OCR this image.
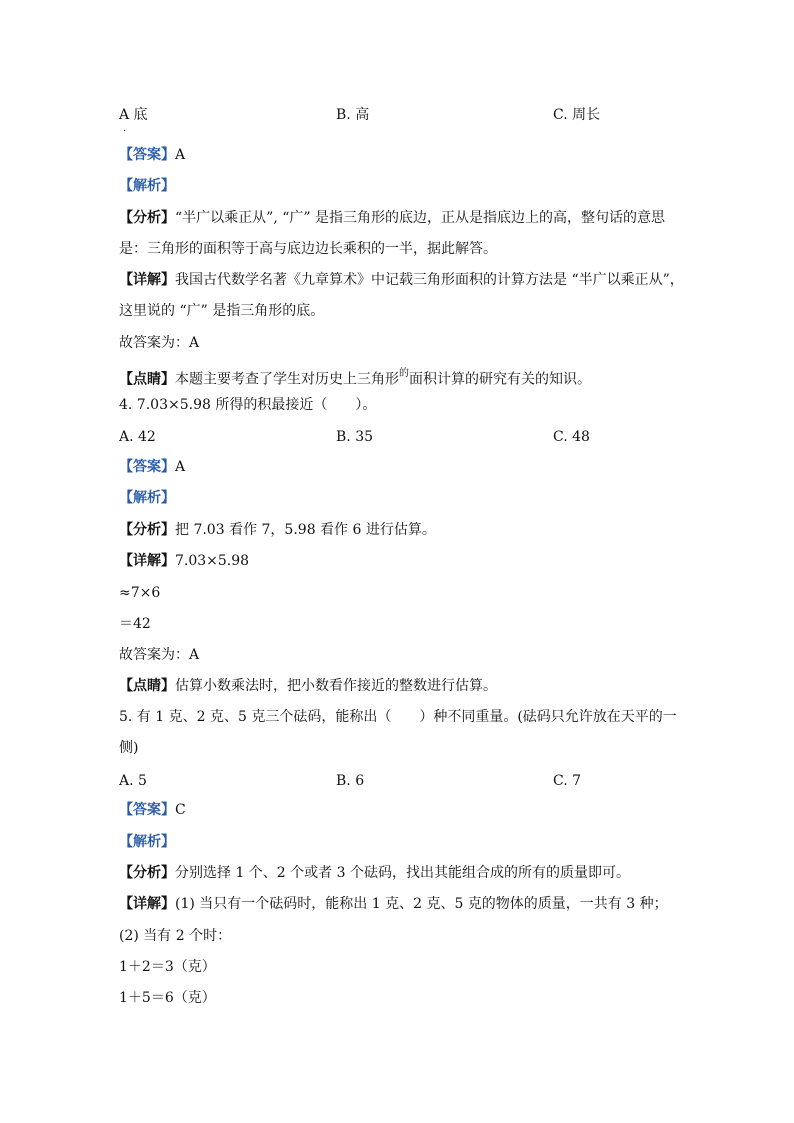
A 底
·
B. 高	C. 周长
【答案】A
【解析】
【分析】“半广以乘正从”, “广” 是指三角形的底边，正从是指底边上的高，整句话的意思
是：三角形的面积等于高与底边边长乘积的一半，据此解答。
【详解】我国古代数学名著《九章算术》中记载三角形面积的计算方法是 “半广以乘正从”，
这里说的 “广” 是指三角形的底。
故答案为：A
【点睛】本题主要考查了学生对历史上三角形$^的$面积计算的研究有关的知识。
4. 7.03×5.98 所得的积最接近（　　）。
A. 42	B. 35	C. 48
【答案】A
【解析】
【分析】把 7.03 看作 7，5.98 看作 6 进行估算。
【详解】7.03×5.98
≈7×6
＝42
故答案为：A
【点睛】估算小数乘法时，把小数看作接近的整数进行估算。
5. 有 1 克、2 克、5 克三个砝码，能称出（　　）种不同重量。(砝码只允许放在天平的一
侧)
A. 5	B. 6	C. 7
【答案】C
【解析】
【分析】分别选择 1 个、2 个或者 3 个砝码，找出其能组合成的所有的质量即可。
【详解】(1) 当只有一个砝码时，能称出 1 克、2 克、5 克的物体的质量，一共有 3 种；
(2) 当有 2 个时：
1＋2＝3（克）
1＋5＝6（克）
